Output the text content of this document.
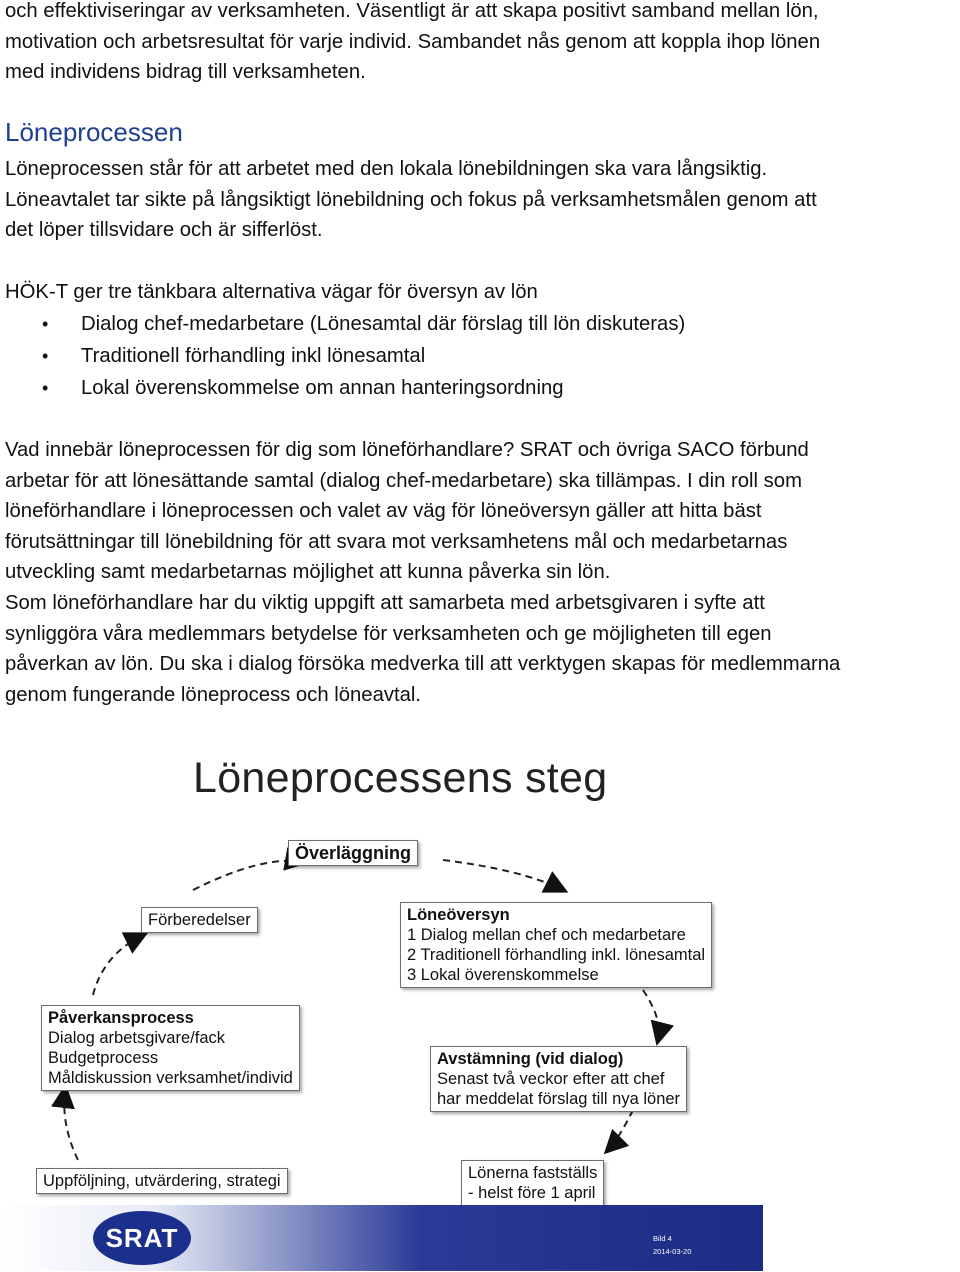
och effektiviseringar av verksamheten. Väsentligt är att skapa positivt samband mellan lön,
motivation och arbetsresultat för varje individ. Sambandet nås genom att koppla ihop lönen
med individens bidrag till verksamheten.
Löneprocessen
Löneprocessen står för att arbetet med den lokala lönebildningen ska vara långsiktig.
Löneavtalet tar sikte på långsiktigt lönebildning och fokus på verksamhetsmålen genom att
det löper tillsvidare och är sifferlöst.
HÖK-T ger tre tänkbara alternativa vägar för översyn av lön
• Dialog chef-medarbetare (Lönesamtal där förslag till lön diskuteras)
• Traditionell förhandling inkl lönesamtal
• Lokal överenskommelse om annan hanteringsordning
Vad innebär löneprocessen för dig som löneförhandlare? SRAT och övriga SACO förbund
arbetar för att lönesättande samtal (dialog chef-medarbetare) ska tillämpas. I din roll som
löneförhandlare i löneprocessen och valet av väg för löneöversyn gäller att hitta bäst
förutsättningar till lönebildning för att svara mot verksamhetens mål och medarbetarnas
utveckling samt medarbetarnas möjlighet att kunna påverka sin lön.
Som löneförhandlare har du viktig uppgift att samarbeta med arbetsgivaren i syfte att
synliggöra våra medlemmars betydelse för verksamheten och ge möjligheten till egen
påverkan av lön. Du ska i dialog försöka medverka till att verktygen skapas för medlemmarna
genom fungerande löneprocess och löneavtal.
Löneprocessens steg
Överläggning
Förberedelser	Löneöversyn
1 Dialog mellan chef och medarbetare
2 Traditionell förhandling inkl. lönesamtal
3 Lokal överenskommelse
Påverkansprocess
Dialog arbetsgivare/fack
Budgetprocess
Måldiskussion verksamhet/individ
Avstämning (vid dialog)
Senast två veckor efter att chef
har meddelat förslag till nya löner
Uppföljning, utvärdering, strategi	Lönerna fastställs
- helst före 1 april
SRAT	Bild 4
2014-03-20
